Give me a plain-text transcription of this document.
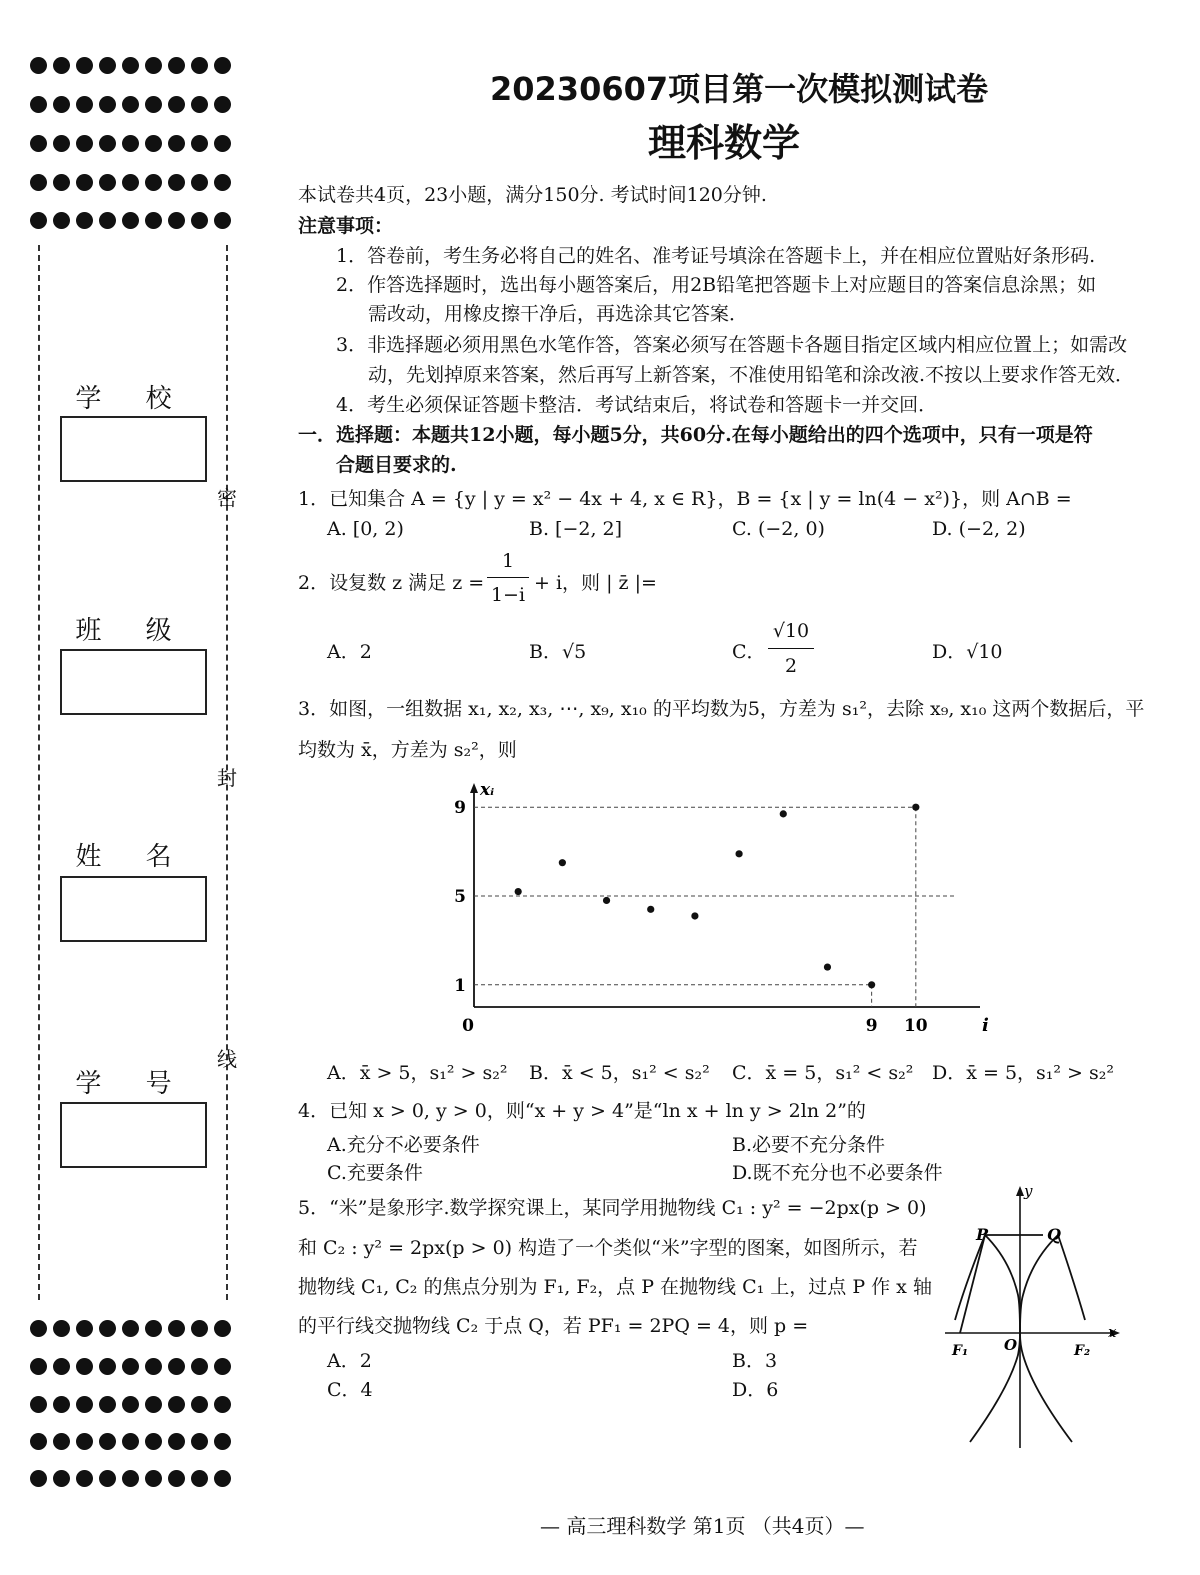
学 校
班 级
姓 名
学 号
密
封
线
20230607项目第一次模拟测试卷
理科数学
本试卷共4页，23小题，满分150分. 考试时间120分钟.
注意事项：
1．答卷前，考生务必将自己的姓名、准考证号填涂在答题卡上，并在相应位置贴好条形码.
2．作答选择题时，选出每小题答案后，用2B铅笔把答题卡上对应题目的答案信息涂黑；如
需改动，用橡皮擦干净后，再选涂其它答案．
3．非选择题必须用黑色水笔作答，答案必须写在答题卡各题目指定区域内相应位置上；如需改
动，先划掉原来答案，然后再写上新答案，不准使用铅笔和涂改液.不按以上要求作答无效．
4．考生必须保证答题卡整洁．考试结束后，将试卷和答题卡一并交回．
一．选择题：本题共12小题，每小题5分，共60分.在每小题给出的四个选项中，只有一项是符
合题目要求的.
1．已知集合 A = {y | y = x² − 4x + 4, x ∈ R}，B = {x | y = ln(4 − x²)}，则 A∩B =
A. [0, 2)	B. [−2, 2]	C. (−2, 0)	D. (−2, 2)
2．设复数 z 满足 z =
1
1−i
+ i，则 | z̄ |=
A．2	B．√5	C．
√10
2
D．√10
3．如图，一组数据 x₁, x₂, x₃, ⋯, x₉, x₁₀ 的平均数为5，方差为 s₁²，去除 x₉, x₁₀ 这两个数据后，平
均数为 x̄，方差为 s₂²，则
1
5
9
9 10
0	i
xᵢ
A．x̄ > 5，s₁² > s₂² B．x̄ < 5，s₁² < s₂² C．x̄ = 5，s₁² < s₂² D．x̄ = 5，s₁² > s₂²
4．已知 x > 0, y > 0，则“x + y > 4”是“ln x + ln y > 2ln 2”的
A.充分不必要条件	B.必要不充分条件
C.充要条件	D.既不充分也不必要条件
5．“米”是象形字.数学探究课上，某同学用抛物线 C₁ : y² = −2px(p > 0)
和 C₂ : y² = 2px(p > 0) 构造了一个类似“米”字型的图案，如图所示，若
抛物线 C₁, C₂ 的焦点分别为 F₁, F₂，点 P 在抛物线 C₁ 上，过点 P 作 x 轴
的平行线交抛物线 C₂ 于点 Q，若 PF₁ = 2PQ = 4，则 p =
A．2	B．3
C．4	D．6
P	Q
y
x
F₁	F₂
O
— 高三理科数学 第1页 （共4页）—
